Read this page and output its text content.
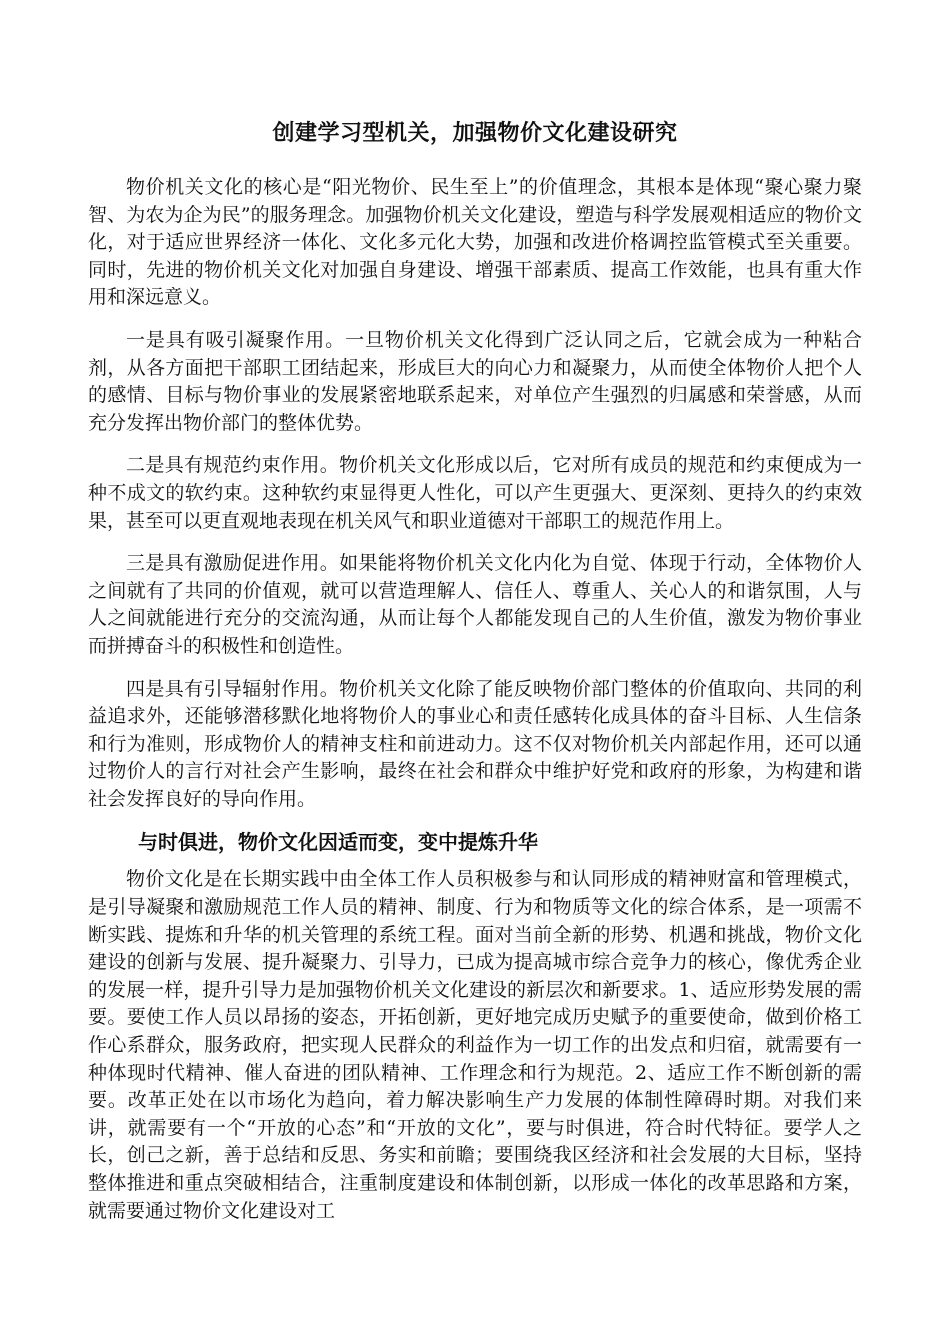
创建学习型机关，加强物价文化建设研究

物价机关文化的核心是“阳光物价、民生至上”的价值理念，其根本是体现“聚心聚力聚智、为农为企为民”的服务理念。加强物价机关文化建设，塑造与科学发展观相适应的物价文化，对于适应世界经济一体化、文化多元化大势，加强和改进价格调控监管模式至关重要。同时，先进的物价机关文化对加强自身建设、增强干部素质、提高工作效能，也具有重大作用和深远意义。

一是具有吸引凝聚作用。一旦物价机关文化得到广泛认同之后，它就会成为一种粘合剂，从各方面把干部职工团结起来，形成巨大的向心力和凝聚力，从而使全体物价人把个人的感情、目标与物价事业的发展紧密地联系起来，对单位产生强烈的归属感和荣誉感，从而充分发挥出物价部门的整体优势。

二是具有规范约束作用。物价机关文化形成以后，它对所有成员的规范和约束便成为一种不成文的软约束。这种软约束显得更人性化，可以产生更强大、更深刻、更持久的约束效果，甚至可以更直观地表现在机关风气和职业道德对干部职工的规范作用上。

三是具有激励促进作用。如果能将物价机关文化内化为自觉、体现于行动，全体物价人之间就有了共同的价值观，就可以营造理解人、信任人、尊重人、关心人的和谐氛围，人与人之间就能进行充分的交流沟通，从而让每个人都能发现自己的人生价值，激发为物价事业而拼搏奋斗的积极性和创造性。

四是具有引导辐射作用。物价机关文化除了能反映物价部门整体的价值取向、共同的利益追求外，还能够潜移默化地将物价人的事业心和责任感转化成具体的奋斗目标、人生信条和行为准则，形成物价人的精神支柱和前进动力。这不仅对物价机关内部起作用，还可以通过物价人的言行对社会产生影响，最终在社会和群众中维护好党和政府的形象，为构建和谐社会发挥良好的导向作用。

与时俱进，物价文化因适而变，变中提炼升华

物价文化是在长期实践中由全体工作人员积极参与和认同形成的精神财富和管理模式，是引导凝聚和激励规范工作人员的精神、制度、行为和物质等文化的综合体系，是一项需不断实践、提炼和升华的机关管理的系统工程。面对当前全新的形势、机遇和挑战，物价文化建设的创新与发展、提升凝聚力、引导力，已成为提高城市综合竞争力的核心，像优秀企业的发展一样，提升引导力是加强物价机关文化建设的新层次和新要求。1、适应形势发展的需要。要使工作人员以昂扬的姿态，开拓创新，更好地完成历史赋予的重要使命，做到价格工作心系群众，服务政府，把实现人民群众的利益作为一切工作的出发点和归宿，就需要有一种体现时代精神、催人奋进的团队精神、工作理念和行为规范。2、适应工作不断创新的需要。改革正处在以市场化为趋向，着力解决影响生产力发展的体制性障碍时期。对我们来讲，就需要有一个“开放的心态”和“开放的文化”，要与时俱进，符合时代特征。要学人之长，创己之新，善于总结和反思、务实和前瞻；要围绕我区经济和社会发展的大目标，坚持整体推进和重点突破相结合，注重制度建设和体制创新，以形成一体化的改革思路和方案，就需要通过物价文化建设对工
